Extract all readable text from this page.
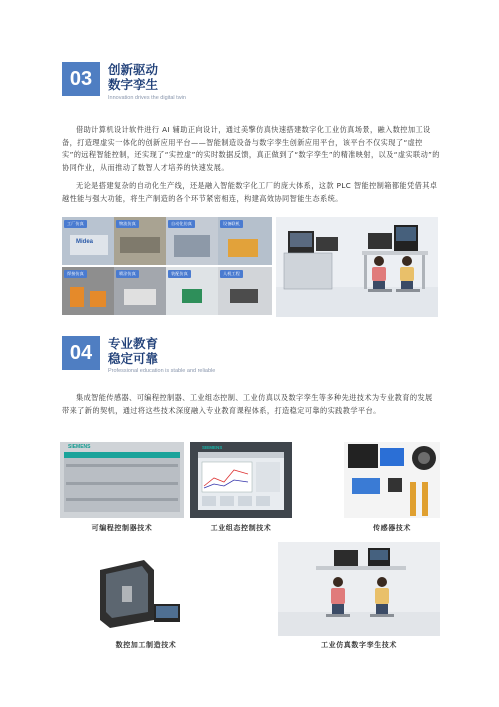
03	创新驱动
数字孪生
Innovation drives the digital twin
借助计算机设计软件进行 AI 辅助正向设计，通过美擎仿真快速搭建数字化工业仿真场景，融入数控加工设备，打造理虚实一体化的创新应用平台——智能制造设备与数字孪生创新应用平台，该平台不仅实现了“虚控实”的远程智能控制，还实现了“实控虚”的实时数据反馈，真正做到了“数字孪生”的精准映射，以及“虚实联动”的协同作业，从而推动了数智人才培养的快速发展。
无论是搭建复杂的自动化生产线，还是融入智能数字化工厂的庞大体系，这款 PLC 智能控制箱都能凭借其卓越性能与强大功能，将生产制造的各个环节紧密相连，构建高效协同智能生态系统。
Midea
工厂仿真	物流仿真	自动化仿真	设备联机
焊接仿真	喷涂仿真	装配仿真	人机工程
04	专业教育
稳定可靠
Professional education is stable and reliable
集成智能传感器、可编程控制器、工业组态控制、工业仿真以及数字孪生等多种先进技术为专业教育的发展带来了新的契机，通过将这些技术深度融入专业教育课程体系，打造稳定可靠的实践教学平台。
SIEMENS
可编程控制器技术
SIEMENS
工业组态控制技术	传感器技术
数控加工制造技术	工业仿真数字孪生技术
